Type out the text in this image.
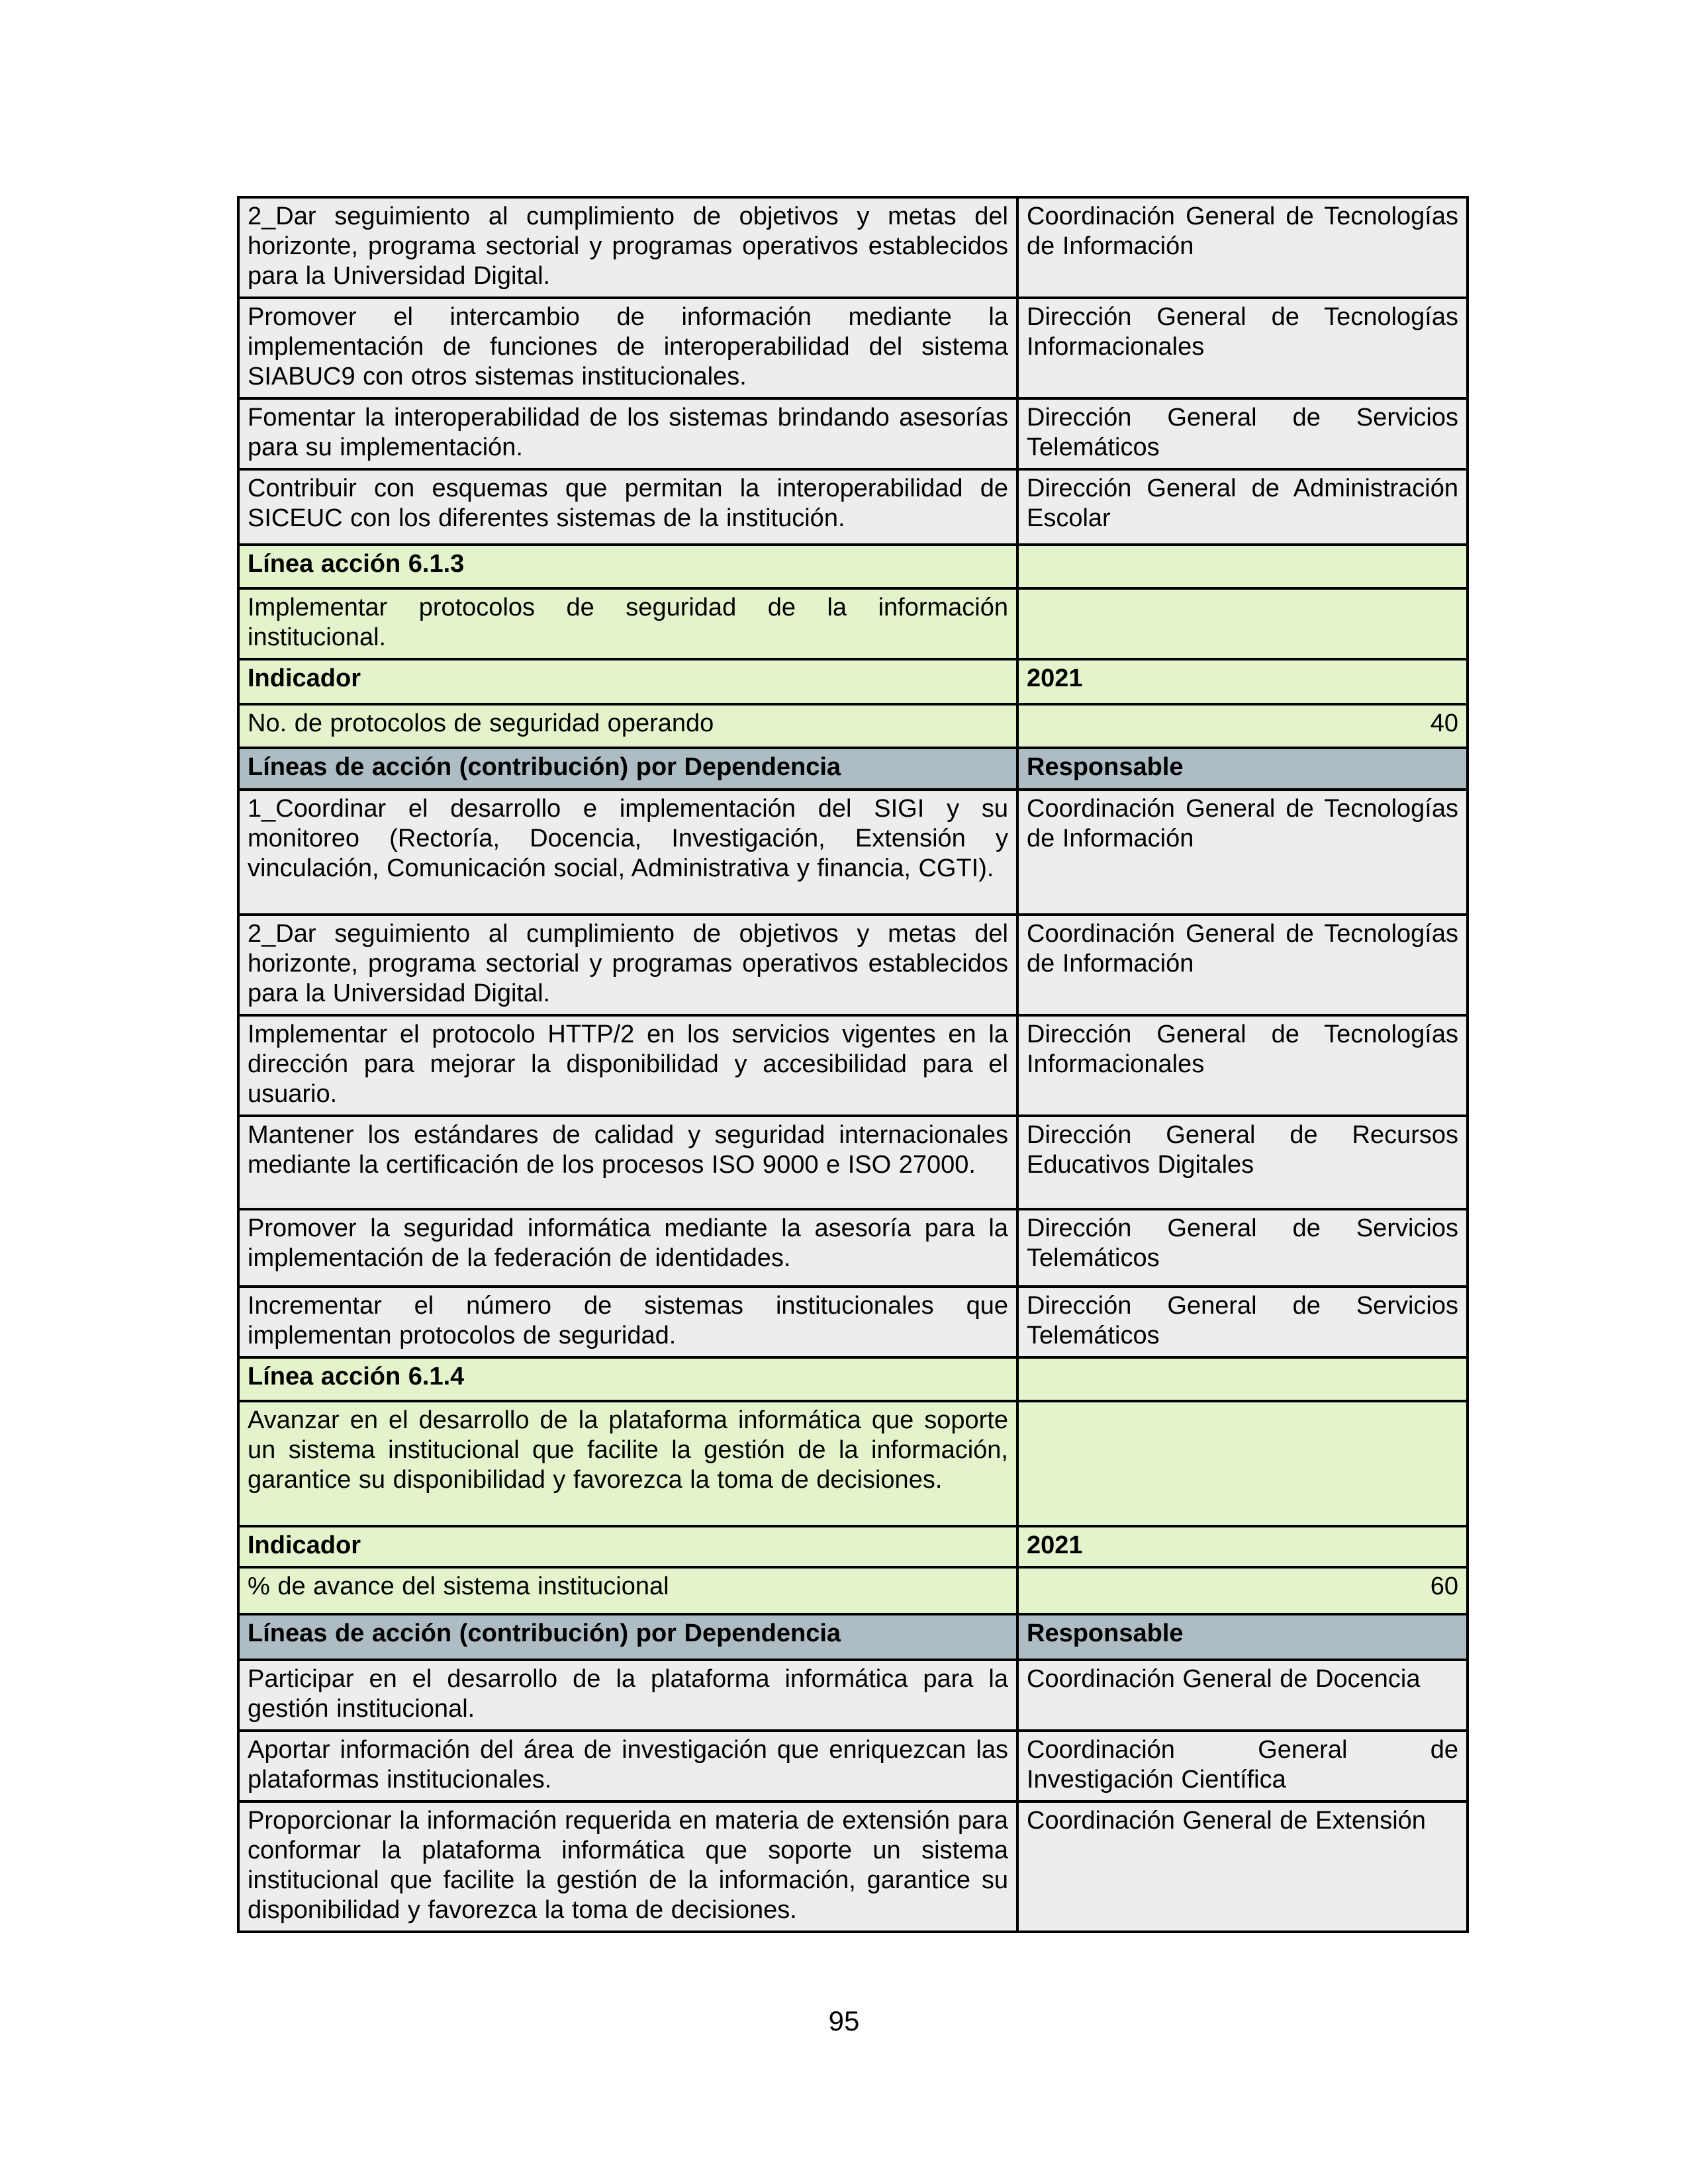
2_Dar seguimiento al cumplimiento de objetivos y metas del horizonte, programa sectorial y programas operativos establecidos para la Universidad Digital.	Coordinación General de Tecnologías de Información
Promover el intercambio de información mediante la implementación de funciones de interoperabilidad del sistema SIABUC9 con otros sistemas institucionales.	Dirección General de Tecnologías Informacionales
Fomentar la interoperabilidad de los sistemas brindando asesorías para su implementación.	Dirección General de Servicios Telemáticos
Contribuir con esquemas que permitan la interoperabilidad de SICEUC con los diferentes sistemas de la institución.	Dirección General de Administración Escolar
Línea acción 6.1.3	
Implementar protocolos de seguridad de la información institucional.	
Indicador	2021
No. de protocolos de seguridad operando	40
Líneas de acción (contribución) por Dependencia	Responsable
1_Coordinar el desarrollo e implementación del SIGI y su monitoreo (Rectoría, Docencia, Investigación, Extensión y vinculación, Comunicación social, Administrativa y financia, CGTI).	Coordinación General de Tecnologías de Información
2_Dar seguimiento al cumplimiento de objetivos y metas del horizonte, programa sectorial y programas operativos establecidos para la Universidad Digital.	Coordinación General de Tecnologías de Información
Implementar el protocolo HTTP/2 en los servicios vigentes en la dirección para mejorar la disponibilidad y accesibilidad para el usuario.	Dirección General de Tecnologías Informacionales
Mantener los estándares de calidad y seguridad internacionales mediante la certificación de los procesos ISO 9000 e ISO 27000.	Dirección General de Recursos Educativos Digitales
Promover la seguridad informática mediante la asesoría para la implementación de la federación de identidades.	Dirección General de Servicios Telemáticos
Incrementar el número de sistemas institucionales que implementan protocolos de seguridad.	Dirección General de Servicios Telemáticos
Línea acción 6.1.4	
Avanzar en el desarrollo de la plataforma informática que soporte un sistema institucional que facilite la gestión de la información, garantice su disponibilidad y favorezca la toma de decisiones.	
Indicador	2021
% de avance del sistema institucional	60
Líneas de acción (contribución) por Dependencia	Responsable
Participar en el desarrollo de la plataforma informática para la gestión institucional.	Coordinación General de Docencia
Aportar información del área de investigación que enriquezcan las plataformas institucionales.	Coordinación General de Investigación Científica
Proporcionar la información requerida en materia de extensión para conformar la plataforma informática que soporte un sistema institucional que facilite la gestión de la información, garantice su disponibilidad y favorezca la toma de decisiones.	Coordinación General de Extensión
95
